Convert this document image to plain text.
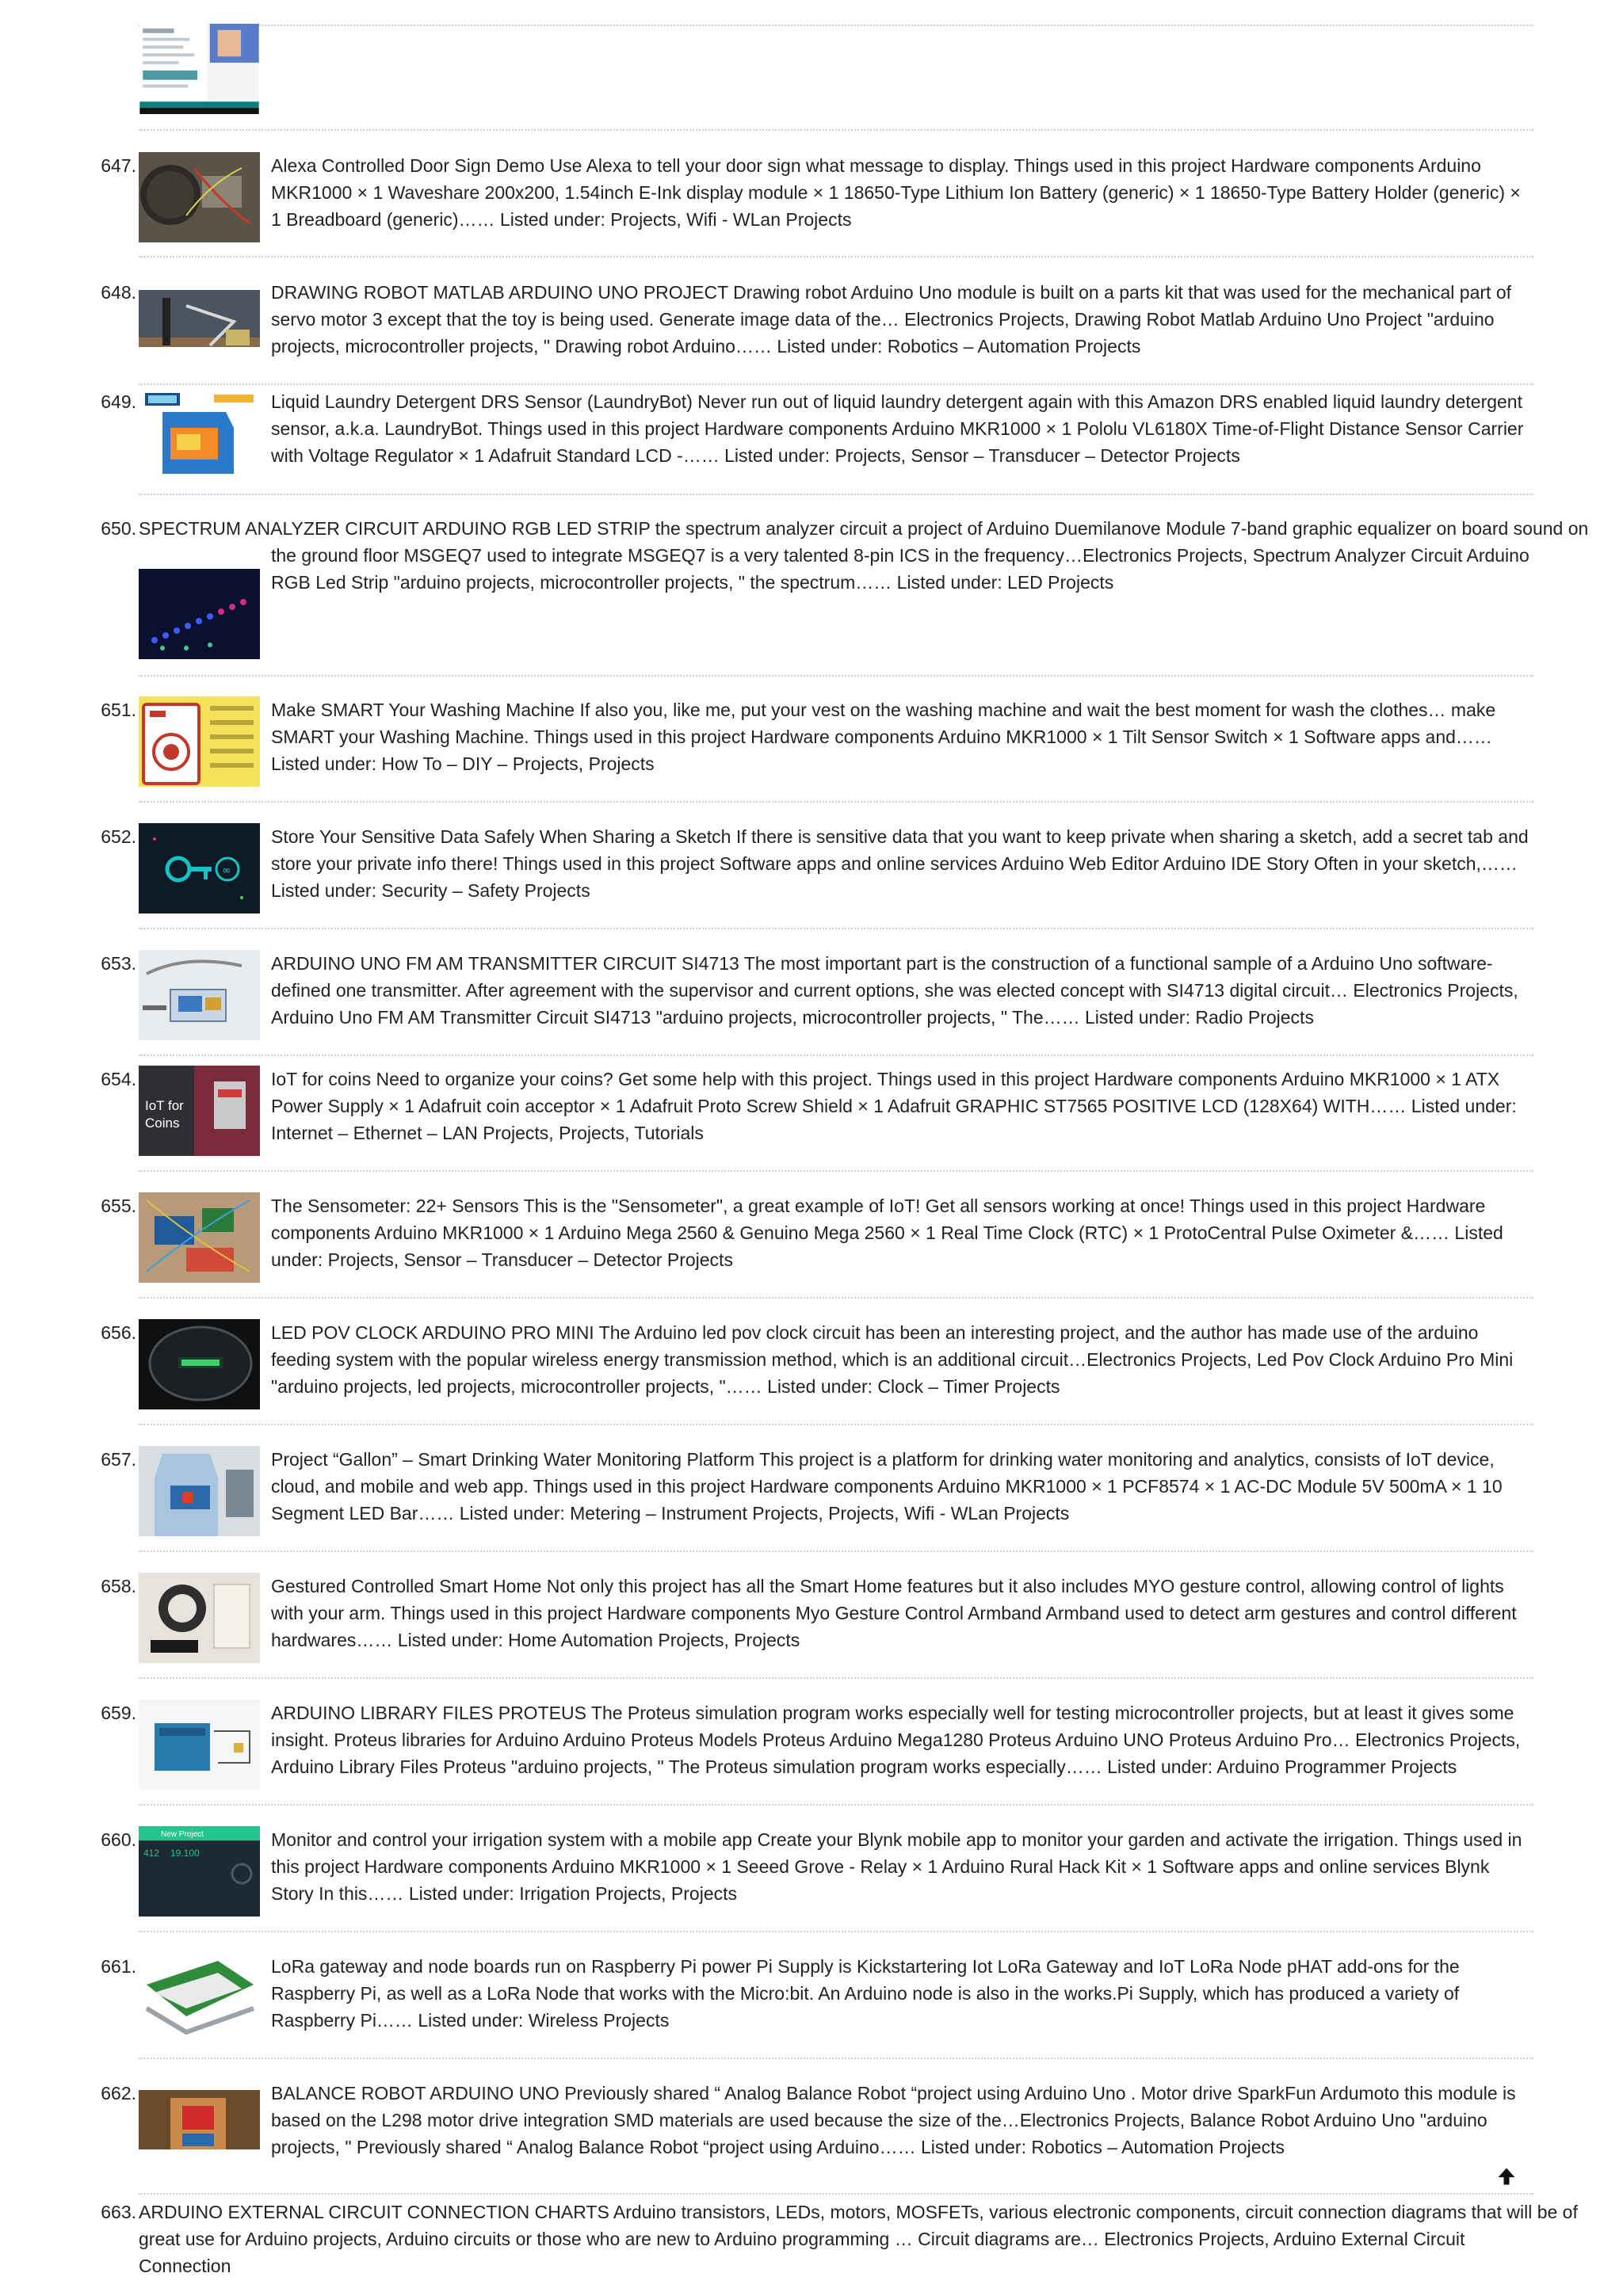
647.	Alexa Controlled Door Sign Demo Use Alexa to tell your door sign what message to display. Things used in this project Hardware components Arduino MKR1000 × 1 Waveshare 200x200, 1.54inch E-Ink display module × 1 18650-Type Lithium Ion Battery (generic) × 1 18650-Type Battery Holder (generic) × 1 Breadboard (generic)…… Listed under: Projects, Wifi - WLan Projects

648.	DRAWING ROBOT MATLAB ARDUINO UNO PROJECT Drawing robot Arduino Uno module is built on a parts kit that was used for the mechanical part of servo motor 3 except that the toy is being used. Generate image data of the… Electronics Projects, Drawing Robot Matlab Arduino Uno Project "arduino projects, microcontroller projects, " Drawing robot Arduino…… Listed under: Robotics – Automation Projects

649.	Liquid Laundry Detergent DRS Sensor (LaundryBot) Never run out of liquid laundry detergent again with this Amazon DRS enabled liquid laundry detergent sensor, a.k.a. LaundryBot. Things used in this project Hardware components Arduino MKR1000 × 1 Pololu VL6180X Time-of-Flight Distance Sensor Carrier with Voltage Regulator × 1 Adafruit Standard LCD -…… Listed under: Projects, Sensor – Transducer – Detector Projects

650. SPECTRUM ANALYZER CIRCUIT ARDUINO RGB LED STRIP the spectrum analyzer circuit a project of Arduino Duemilanove Module 7-band graphic equalizer on board sound on

the ground floor MSGEQ7 used to integrate MSGEQ7 is a very talented 8-pin ICS in the frequency…Electronics Projects, Spectrum Analyzer Circuit Arduino RGB Led Strip "arduino projects, microcontroller projects, " the spectrum…… Listed under: LED Projects

651.	Make SMART Your Washing Machine If also you, like me, put your vest on the washing machine and wait the best moment for wash the clothes… make SMART your Washing Machine. Things used in this project Hardware components Arduino MKR1000 × 1 Tilt Sensor Switch × 1 Software apps and…… Listed under: How To – DIY – Projects, Projects

652.
∞

Store Your Sensitive Data Safely When Sharing a Sketch If there is sensitive data that you want to keep private when sharing a sketch, add a secret tab and store your private info there! Things used in this project Software apps and online services Arduino Web Editor Arduino IDE Story Often in your sketch,…… Listed under: Security – Safety Projects

653.	ARDUINO UNO FM AM TRANSMITTER CIRCUIT SI4713 The most important part is the construction of a functional sample of a Arduino Uno software-defined one transmitter. After agreement with the supervisor and current options, she was elected concept with SI4713 digital circuit… Electronics Projects, Arduino Uno FM AM Transmitter Circuit SI4713 "arduino projects, microcontroller projects, " The…… Listed under: Radio Projects

654.
IoT for Coins

IoT for coins Need to organize your coins? Get some help with this project. Things used in this project Hardware components Arduino MKR1000 × 1 ATX Power Supply × 1 Adafruit coin acceptor × 1 Adafruit Proto Screw Shield × 1 Adafruit GRAPHIC ST7565 POSITIVE LCD (128X64) WITH…… Listed under: Internet – Ethernet – LAN Projects, Projects, Tutorials

655.	The Sensometer: 22+ Sensors This is the "Sensometer", a great example of IoT! Get all sensors working at once! Things used in this project Hardware components Arduino MKR1000 × 1 Arduino Mega 2560 & Genuino Mega 2560 × 1 Real Time Clock (RTC) × 1 ProtoCentral Pulse Oximeter &…… Listed under: Projects, Sensor – Transducer – Detector Projects

656.	LED POV CLOCK ARDUINO PRO MINI The Arduino led pov clock circuit has been an interesting project, and the author has made use of the arduino feeding system with the popular wireless energy transmission method, which is an additional circuit…Electronics Projects, Led Pov Clock Arduino Pro Mini "arduino projects, led projects, microcontroller projects, "…… Listed under: Clock – Timer Projects

657.	Project “Gallon” – Smart Drinking Water Monitoring Platform This project is a platform for drinking water monitoring and analytics, consists of IoT device, cloud, and mobile and web app. Things used in this project Hardware components Arduino MKR1000 × 1 PCF8574 × 1 AC-DC Module 5V 500mA × 1 10 Segment LED Bar…… Listed under: Metering – Instrument Projects, Projects, Wifi - WLan Projects

658.	Gestured Controlled Smart Home Not only this project has all the Smart Home features but it also includes MYO gesture control, allowing control of lights with your arm. Things used in this project Hardware components Myo Gesture Control Armband Armband used to detect arm gestures and control different hardwares…… Listed under: Home Automation Projects, Projects

659.	ARDUINO LIBRARY FILES PROTEUS The Proteus simulation program works especially well for testing microcontroller projects, but at least it gives some insight. Proteus libraries for Arduino Arduino Proteus Models Proteus Arduino Mega1280 Proteus Arduino UNO Proteus Arduino Pro… Electronics Projects, Arduino Library Files Proteus "arduino projects, " The Proteus simulation program works especially…… Listed under: Arduino Programmer Projects

660.	New Project
412 19.100

Monitor and control your irrigation system with a mobile app Create your Blynk mobile app to monitor your garden and activate the irrigation. Things used in this project Hardware components Arduino MKR1000 × 1 Seeed Grove - Relay × 1 Arduino Rural Hack Kit × 1 Software apps and online services Blynk Story In this…… Listed under: Irrigation Projects, Projects

661.	LoRa gateway and node boards run on Raspberry Pi power Pi Supply is Kickstartering Iot LoRa Gateway and IoT LoRa Node pHAT add-ons for the Raspberry Pi, as well as a LoRa Node that works with the Micro:bit. An Arduino node is also in the works.Pi Supply, which has produced a variety of Raspberry Pi…… Listed under: Wireless Projects

662.	BALANCE ROBOT ARDUINO UNO Previously shared “ Analog Balance Robot “project using Arduino Uno . Motor drive SparkFun Ardumoto this module is based on the L298 motor drive integration SMD materials are used because the size of the…Electronics Projects, Balance Robot Arduino Uno "arduino projects, " Previously shared “ Analog Balance Robot “project using Arduino…… Listed under: Robotics – Automation Projects

663. ARDUINO EXTERNAL CIRCUIT CONNECTION CHARTS Arduino transistors, LEDs, motors, MOSFETs, various electronic components, circuit connection diagrams that will be of

great use for Arduino projects, Arduino circuits or those who are new to Arduino programming … Circuit diagrams are… Electronics Projects, Arduino External Circuit Connection
